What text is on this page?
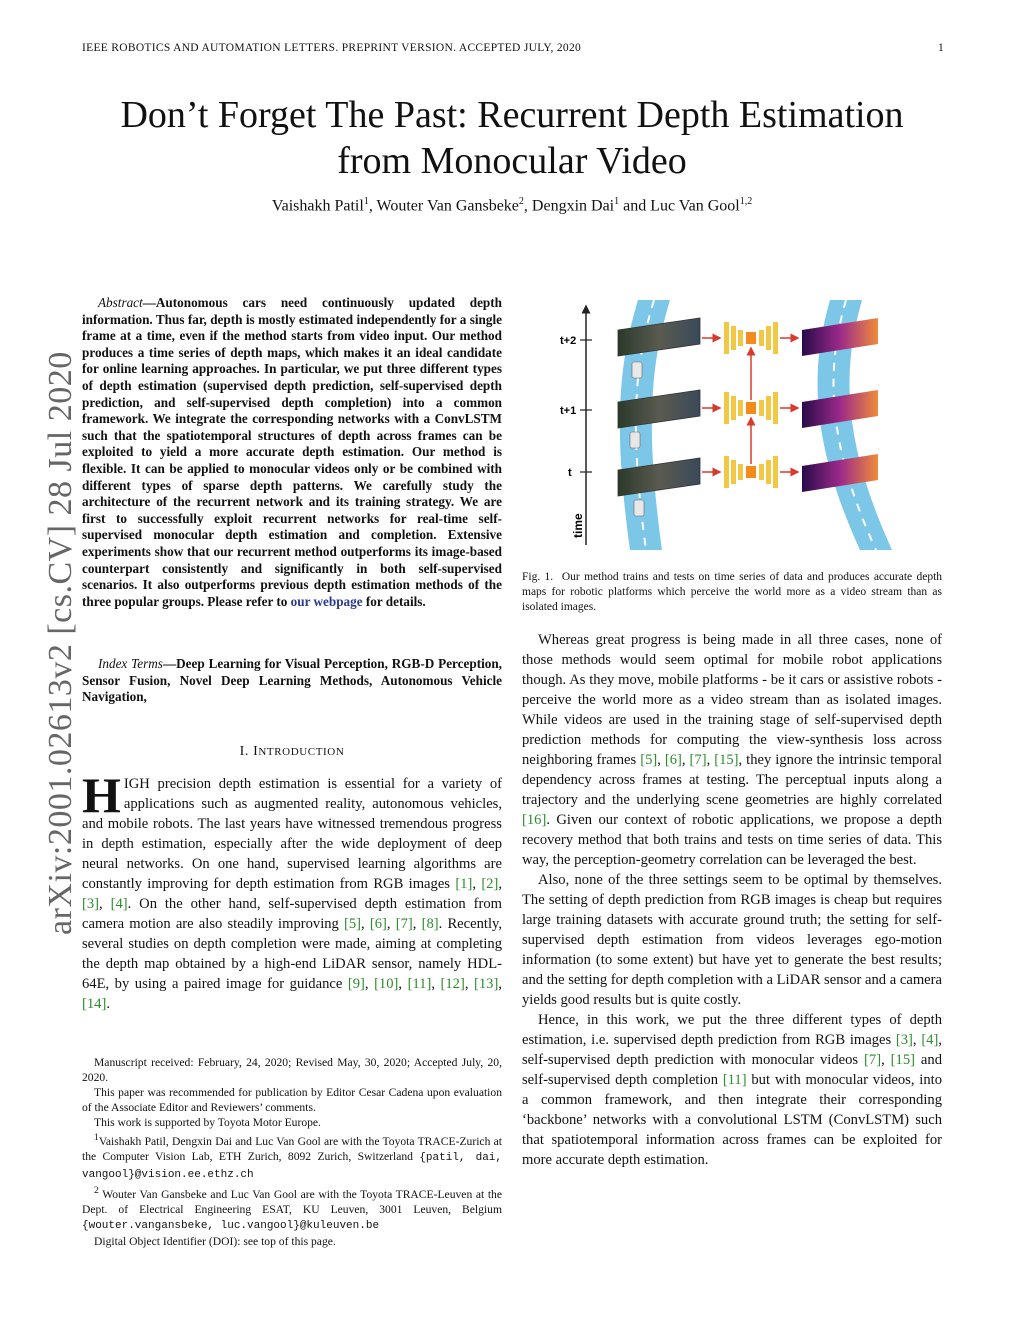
IEEE ROBOTICS AND AUTOMATION LETTERS. PREPRINT VERSION. ACCEPTED JULY, 2020	1
Don’t Forget The Past: Recurrent Depth Estimation
from Monocular Video
Vaishakh Patil$^1$, Wouter Van Gansbeke$^2$, Dengxin Dai$^1$ and Luc Van Gool$^{1,2}$
arXiv:2001.02613v2 [cs.CV] 28 Jul 2020

Abstract—Autonomous cars need continuously updated depth information. Thus far, depth is mostly estimated independently for a single frame at a time, even if the method starts from video input. Our method produces a time series of depth maps, which makes it an ideal candidate for online learning approaches. In particular, we put three different types of depth estimation (supervised depth prediction, self-supervised depth prediction, and self-supervised depth completion) into a common framework. We integrate the corresponding networks with a ConvLSTM such that the spatiotemporal structures of depth across frames can be exploited to yield a more accurate depth estimation. Our method is flexible. It can be applied to monocular videos only or be combined with different types of sparse depth patterns. We carefully study the architecture of the recurrent network and its training strategy. We are first to successfully exploit recurrent networks for real-time self-supervised monocular depth estimation and completion. Extensive experiments show that our recurrent method outperforms its image-based counterpart consistently and significantly in both self-supervised scenarios. It also outperforms previous depth estimation methods of the three popular groups. Please refer to our webpage for details.

Index Terms—Deep Learning for Visual Perception, RGB-D Perception, Sensor Fusion, Novel Deep Learning Methods, Autonomous Vehicle Navigation,

I. INTRODUCTION

HIGH precision depth estimation is essential for a variety of applications such as augmented reality, autonomous vehicles, and mobile robots. The last years have witnessed tremendous progress in depth estimation, especially after the wide deployment of deep neural networks. On one hand, supervised learning algorithms are constantly improving for depth estimation from RGB images [1], [2], [3], [4]. On the other hand, self-supervised depth estimation from camera motion are also steadily improving [5], [6], [7], [8]. Recently, several studies on depth completion were made, aiming at completing the depth map obtained by a high-end LiDAR sensor, namely HDL-64E, by using a paired image for guidance [9], [10], [11], [12], [13], [14].

Manuscript received: February, 24, 2020; Revised May, 30, 2020; Accepted July, 20, 2020.

This paper was recommended for publication by Editor Cesar Cadena upon evaluation of the Associate Editor and Reviewers’ comments.

This work is supported by Toyota Motor Europe.

$^1$Vaishakh Patil, Dengxin Dai and Luc Van Gool are with the Toyota TRACE-Zurich at the Computer Vision Lab, ETH Zurich, 8092 Zurich, Switzerland {patil, dai, vangool}@vision.ee.ethz.ch

$^2$ Wouter Van Gansbeke and Luc Van Gool are with the Toyota TRACE-Leuven at the Dept. of Electrical Engineering ESAT, KU Leuven, 3001 Leuven, Belgium {wouter.vangansbeke, luc.vangool}@kuleuven.be

Digital Object Identifier (DOI): see top of this page.

t+2
t+1
t
time

Fig. 1. Our method trains and tests on time series of data and produces accurate depth maps for robotic platforms which perceive the world more as a video stream than as isolated images.

Whereas great progress is being made in all three cases, none of those methods would seem optimal for mobile robot applications though. As they move, mobile platforms - be it cars or assistive robots - perceive the world more as a video stream than as isolated images. While videos are used in the training stage of self-supervised depth prediction methods for computing the view-synthesis loss across neighboring frames [5], [6], [7], [15], they ignore the intrinsic temporal dependency across frames at testing. The perceptual inputs along a trajectory and the underlying scene geometries are highly correlated [16]. Given our context of robotic applications, we propose a depth recovery method that both trains and tests on time series of data. This way, the perception-geometry correlation can be leveraged the best.

Also, none of the three settings seem to be optimal by themselves. The setting of depth prediction from RGB images is cheap but requires large training datasets with accurate ground truth; the setting for self-supervised depth estimation from videos leverages ego-motion information (to some extent) but have yet to generate the best results; and the setting for depth completion with a LiDAR sensor and a camera yields good results but is quite costly.

Hence, in this work, we put the three different types of depth estimation, i.e. supervised depth prediction from RGB images [3], [4], self-supervised depth prediction with monocular videos [7], [15] and self-supervised depth completion [11] but with monocular videos, into a common framework, and then integrate their corresponding ‘backbone’ networks with a convolutional LSTM (ConvLSTM) such that spatiotemporal information across frames can be exploited for more accurate depth estimation.
